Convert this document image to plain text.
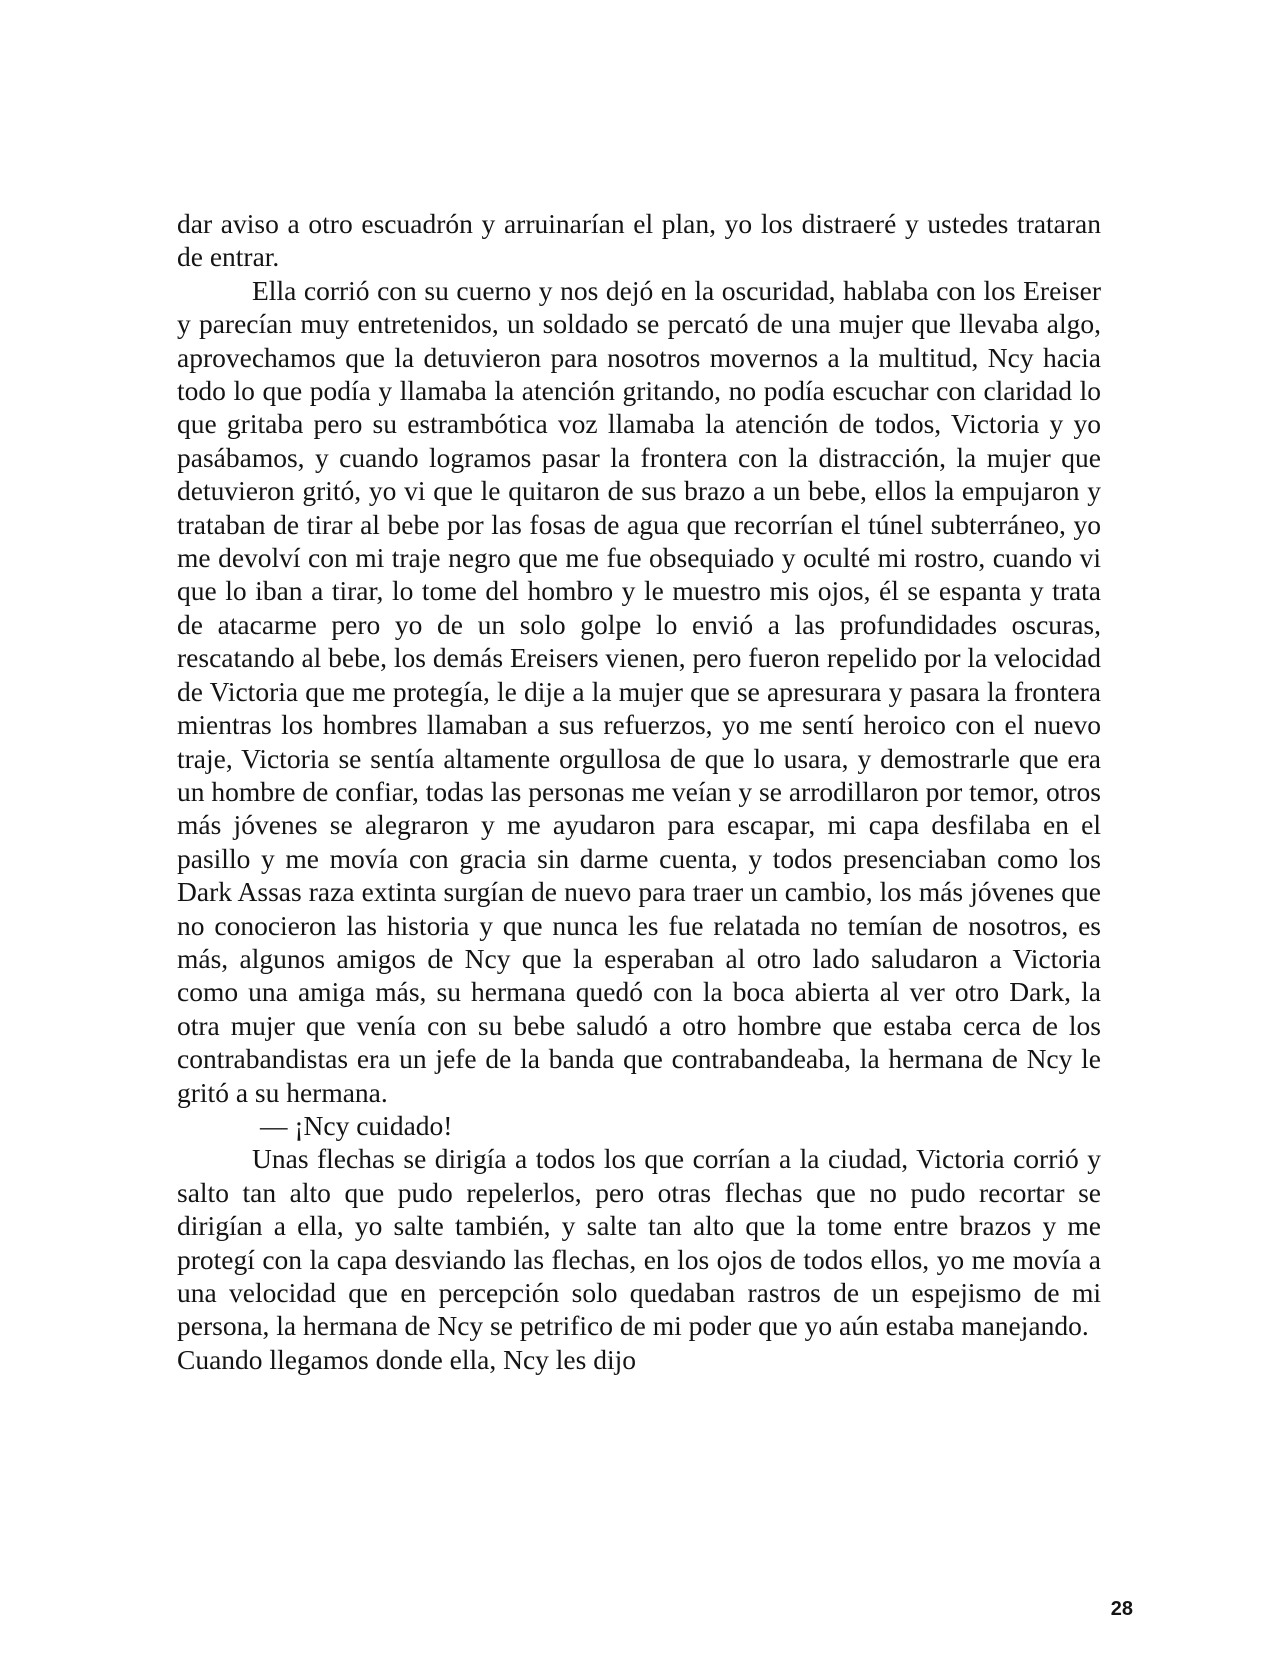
dar aviso a otro escuadrón y arruinarían el plan, yo los distraeré y ustedes trataran de entrar.

Ella corrió con su cuerno y nos dejó en la oscuridad, hablaba con los Ereiser y parecían muy entretenidos, un soldado se percató de una mujer que llevaba algo, aprovechamos que la detuvieron para nosotros movernos a la multitud, Ncy hacia todo lo que podía y llamaba la atención gritando, no podía escuchar con claridad lo que gritaba pero su estrambótica voz llamaba la atención de todos, Victoria y yo pasábamos, y cuando logramos pasar la frontera con la distracción, la mujer que detuvieron gritó, yo vi que le quitaron de sus brazo a un bebe, ellos la empujaron y trataban de tirar al bebe por las fosas de agua que recorrían el túnel subterráneo, yo me devolví con mi traje negro que me fue obsequiado y oculté mi rostro, cuando vi que lo iban a tirar, lo tome del hombro y le muestro mis ojos, él se espanta y trata de atacarme pero yo de un solo golpe lo envió a las profundidades oscuras, rescatando al bebe, los demás Ereisers vienen, pero fueron repelido por la velocidad de Victoria que me protegía, le dije a la mujer que se apresurara y pasara la frontera mientras los hombres llamaban a sus refuerzos, yo me sentí heroico con el nuevo traje, Victoria se sentía altamente orgullosa de que lo usara, y demostrarle que era un hombre de confiar, todas las personas me veían y se arrodillaron por temor, otros más jóvenes se alegraron y me ayudaron para escapar, mi capa desfilaba en el pasillo y me movía con gracia sin darme cuenta, y todos presenciaban como los Dark Assas raza extinta surgían de nuevo para traer un cambio, los más jóvenes que no conocieron las historia y que nunca les fue relatada no temían de nosotros, es más, algunos amigos de Ncy que la esperaban al otro lado saludaron a Victoria como una amiga más, su hermana quedó con la boca abierta al ver otro Dark, la otra mujer que venía con su bebe saludó a otro hombre que estaba cerca de los contrabandistas era un jefe de la banda que contrabandeaba, la hermana de Ncy le gritó a su hermana.

— ¡Ncy cuidado!

Unas flechas se dirigía a todos los que corrían a la ciudad, Victoria corrió y salto tan alto que pudo repelerlos, pero otras flechas que no pudo recortar se dirigían a ella, yo salte también, y salte tan alto que la tome entre brazos y me protegí con la capa desviando las flechas, en los ojos de todos ellos, yo me movía a una velocidad que en percepción solo quedaban rastros de un espejismo de mi persona, la hermana de Ncy se petrifico de mi poder que yo aún estaba manejando.

Cuando llegamos donde ella, Ncy les dijo

28
